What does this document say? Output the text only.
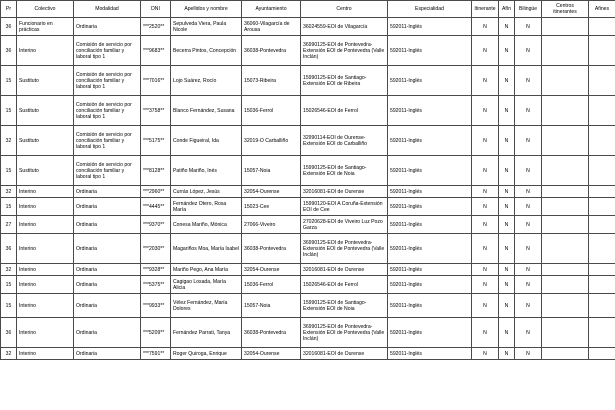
Pr	Colectivo	Modalidad	DNI	Apellidos y nombre	Ayuntamiento	Centro	Especialidad	Itinerante	Afín	Bilingüe	Centros itinerantes	Afines
36	Funcionario en prácticas	Ordinaria	***2520**	Sepulveda Viera, Paula Nicole	36060-Vilagarcía de Arousa	36024559-EOI de Vilagarcía	592011-Inglés	N	N	N		
36	Interino	Comisión de servicio por conciliación familiar y laboral tipo 1	***9683**	Becerra Pintos, Concepción	36038-Pontevedra	36990125-EOI de Pontevedra-Extensión EOI de Pontevedra (Valle Inclán)	592011-Inglés	N	N	N		
15	Sustituto	Comisión de servicio por conciliación familiar y laboral tipo 1	***7016**	Lojo Suárez, Rocío	15073-Ribeira	15990125-EOI de Santiago-Extensión EOI de Ribeira	592011-Inglés	N	N	N		
15	Sustituto	Comisión de servicio por conciliación familiar y laboral tipo 1	***3758**	Blanco Fernández, Susana	15036-Ferrol	15026546-EOI de Ferrol	592011-Inglés	N	N	N		
32	Sustituto	Comisión de servicio por conciliación familiar y laboral tipo 1	***5175**	Conde Figueiral, Ida	32019-O Carballiño	32990114-EOI de Ourense-Extensión EOI do Carballiño	592011-Inglés	N	N	N		
15	Sustituto	Comisión de servicio por conciliación familiar y laboral tipo 1	***8128**	Patiño Mariño, Inés	15057-Noia	15990125-EOI de Santiago-Extensión EOI de Noia	592011-Inglés	N	N	N		
32	Interino	Ordinaria	***2960**	Currás López, Jesús	32054-Ourense	32016081-EOI de Ourense	592011-Inglés	N	N	N		
15	Interino	Ordinaria	***4445**	Fernández Otero, Rosa María	15023-Cee	15990120-EOI A Coruña-Extensión EOI de Cee	592011-Inglés	N	N	N		
27	Interino	Ordinaria	***9370**	Conesa Mariño, Mónica	27066-Viveiro	27020628-EOI de Viveiro Luz Pozo Garza	592011-Inglés	N	N	N		
36	Interino	Ordinaria	***2030**	Magariños Moa, María Isabel	36038-Pontevedra	36990125-EOI de Pontevedra-Extensión EOI de Pontevedra (Valle Inclán)	592011-Inglés	N	N	N		
32	Interino	Ordinaria	***9328**	Mariño Pego, Ana María	32054-Ourense	32016081-EOI de Ourense	592011-Inglés	N	N	N		
15	Interino	Ordinaria	***5375**	Cagigao Losada, María Alicia	15036-Ferrol	15026546-EOI de Ferrol	592011-Inglés	N	N	N		
15	Interino	Ordinaria	***9933**	Vélez Fernández, María Dolores	15057-Noia	15990125-EOI de Santiago-Extensión EOI de Noia	592011-Inglés	N	N	N		
36	Interino	Ordinaria	***5209**	Fernández Parrati, Tanya	36038-Pontevedra	36990125-EOI de Pontevedra-Extensión EOI de Pontevedra (Valle Inclán)	592011-Inglés	N	N	N		
32	Interino	Ordinaria	***7591**	Roger Quiroga, Enrique	32054-Ourense	32016081-EOI de Ourense	592011-Inglés	N	N	N		
